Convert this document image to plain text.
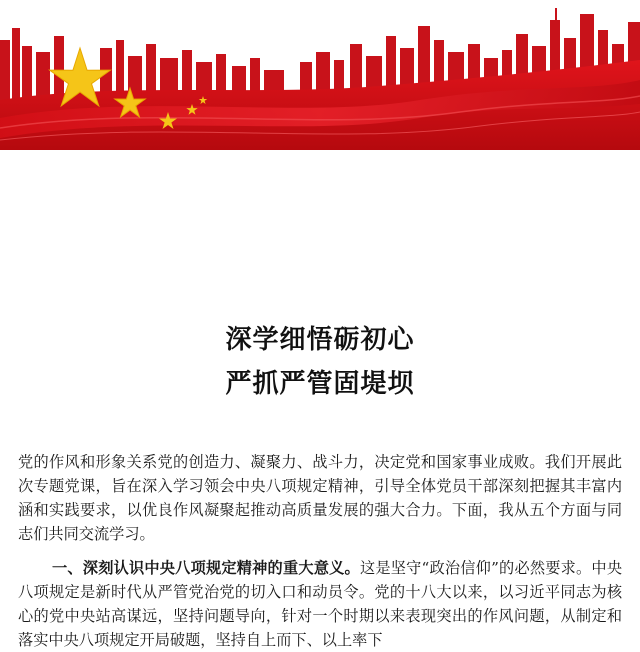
深学细悟砺初心
严抓严管固堤坝

党的作风和形象关系党的创造力、凝聚力、战斗力，决定党和国家事业成败。我们开展此次专题党课，旨在深入学习领会中央八项规定精神，引导全体党员干部深刻把握其丰富内涵和实践要求，以优良作风凝聚起推动高质量发展的强大合力。下面，我从五个方面与同志们共同交流学习。

一、深刻认识中央八项规定精神的重大意义。这是坚守“政治信仰”的必然要求。中央八项规定是新时代从严管党治党的切入口和动员令。党的十八大以来，以习近平同志为核心的党中央站高谋远，坚持问题导向，针对一个时期以来表现突出的作风问题，从制定和落实中央八项规定开局破题，坚持自上而下、以上率下
